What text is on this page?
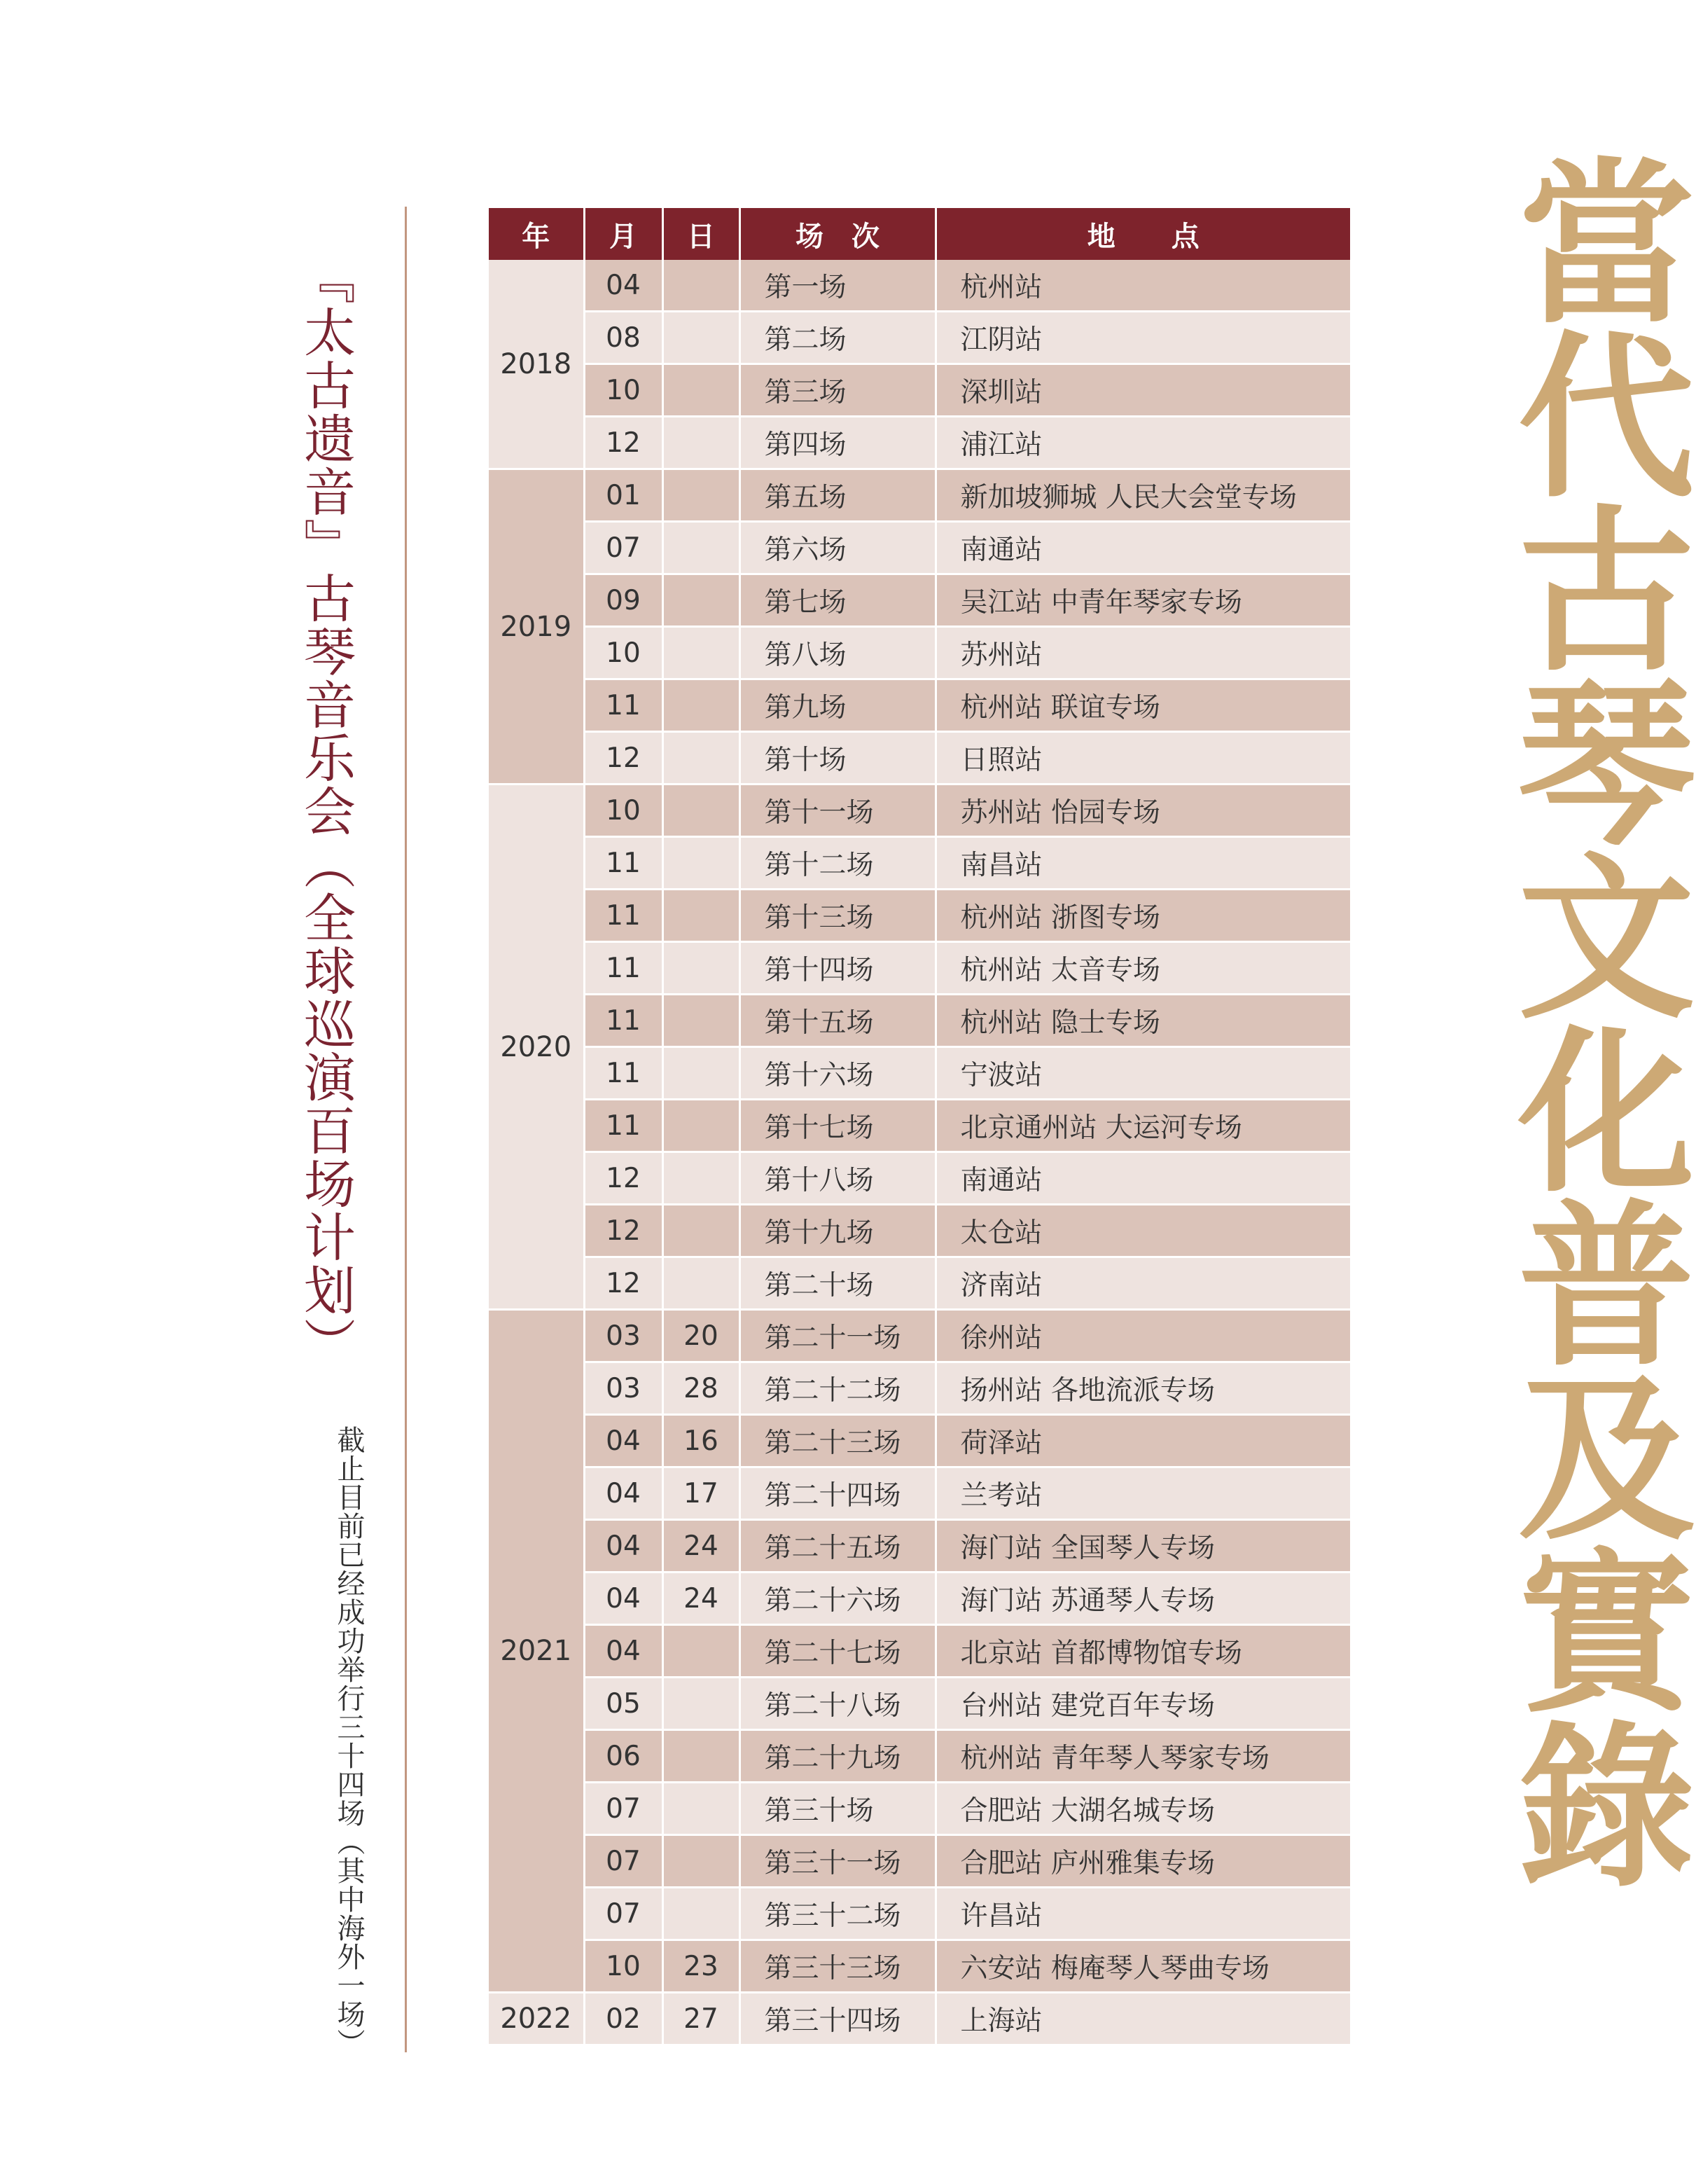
『太古遗音』古琴音乐会（全球巡演百场计划）
截止目前已经成功举行三十四场（其中海外一场）	當代古琴文化普及實錄
年	月	日	场　次	地　　点
2018	04		第一场	杭州站
	08		第二场	江阴站
	10		第三场	深圳站
	12		第四场	浦江站
2019	01		第五场	新加坡狮城 人民大会堂专场
	07		第六场	南通站
	09		第七场	吴江站 中青年琴家专场
	10		第八场	苏州站
	11		第九场	杭州站 联谊专场
	12		第十场	日照站
2020	10		第十一场	苏州站 怡园专场
	11		第十二场	南昌站
	11		第十三场	杭州站 浙图专场
	11		第十四场	杭州站 太音专场
	11		第十五场	杭州站 隐士专场
	11		第十六场	宁波站
	11		第十七场	北京通州站 大运河专场
	12		第十八场	南通站
	12		第十九场	太仓站
	12		第二十场	济南站
2021	03	20	第二十一场	徐州站
	03	28	第二十二场	扬州站 各地流派专场
	04	16	第二十三场	荷泽站
	04	17	第二十四场	兰考站
	04	24	第二十五场	海门站 全国琴人专场
	04	24	第二十六场	海门站 苏通琴人专场
	04		第二十七场	北京站 首都博物馆专场
	05		第二十八场	台州站 建党百年专场
	06		第二十九场	杭州站 青年琴人琴家专场
	07		第三十场	合肥站 大湖名城专场
	07		第三十一场	合肥站 庐州雅集专场
	07		第三十二场	许昌站
	10	23	第三十三场	六安站 梅庵琴人琴曲专场
2022	02	27	第三十四场	上海站
